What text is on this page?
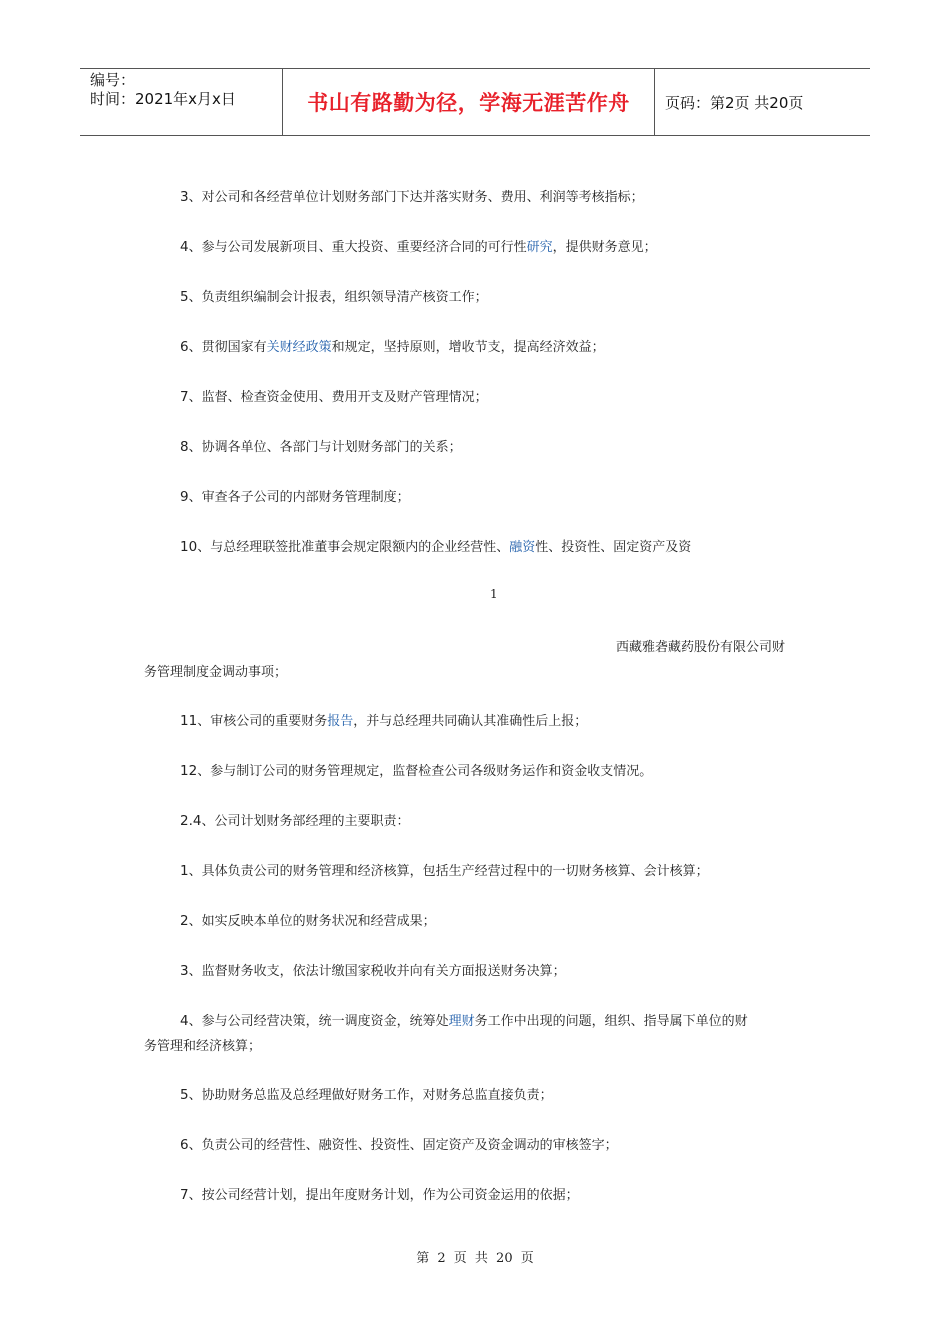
编号：
时间：2021年x月x日	书山有路勤为径，学海无涯苦作舟	页码：第2页 共20页
3、对公司和各经营单位计划财务部门下达并落实财务、费用、利润等考核指标；
4、参与公司发展新项目、重大投资、重要经济合同的可行性研究，提供财务意见；
5、负责组织编制会计报表，组织领导清产核资工作；
6、贯彻国家有关财经政策和规定，坚持原则，增收节支，提高经济效益；
7、监督、检查资金使用、费用开支及财产管理情况；
8、协调各单位、各部门与计划财务部门的关系；
9、审查各子公司的内部财务管理制度；
10、与总经理联签批准董事会规定限额内的企业经营性、融资性、投资性、固定资产及资
1
西藏雅砻藏药股份有限公司财
务管理制度金调动事项；
11、审核公司的重要财务报告，并与总经理共同确认其准确性后上报；
12、参与制订公司的财务管理规定，监督检查公司各级财务运作和资金收支情况。
2.4、公司计划财务部经理的主要职责：
1、具体负责公司的财务管理和经济核算，包括生产经营过程中的一切财务核算、会计核算；
2、如实反映本单位的财务状况和经营成果；
3、监督财务收支，依法计缴国家税收并向有关方面报送财务决算；
4、参与公司经营决策，统一调度资金，统筹处理财务工作中出现的问题，组织、指导属下单位的财
务管理和经济核算；
5、协助财务总监及总经理做好财务工作，对财务总监直接负责；
6、负责公司的经营性、融资性、投资性、固定资产及资金调动的审核签字；
7、按公司经营计划，提出年度财务计划，作为公司资金运用的依据；
第 2 页 共 20 页
